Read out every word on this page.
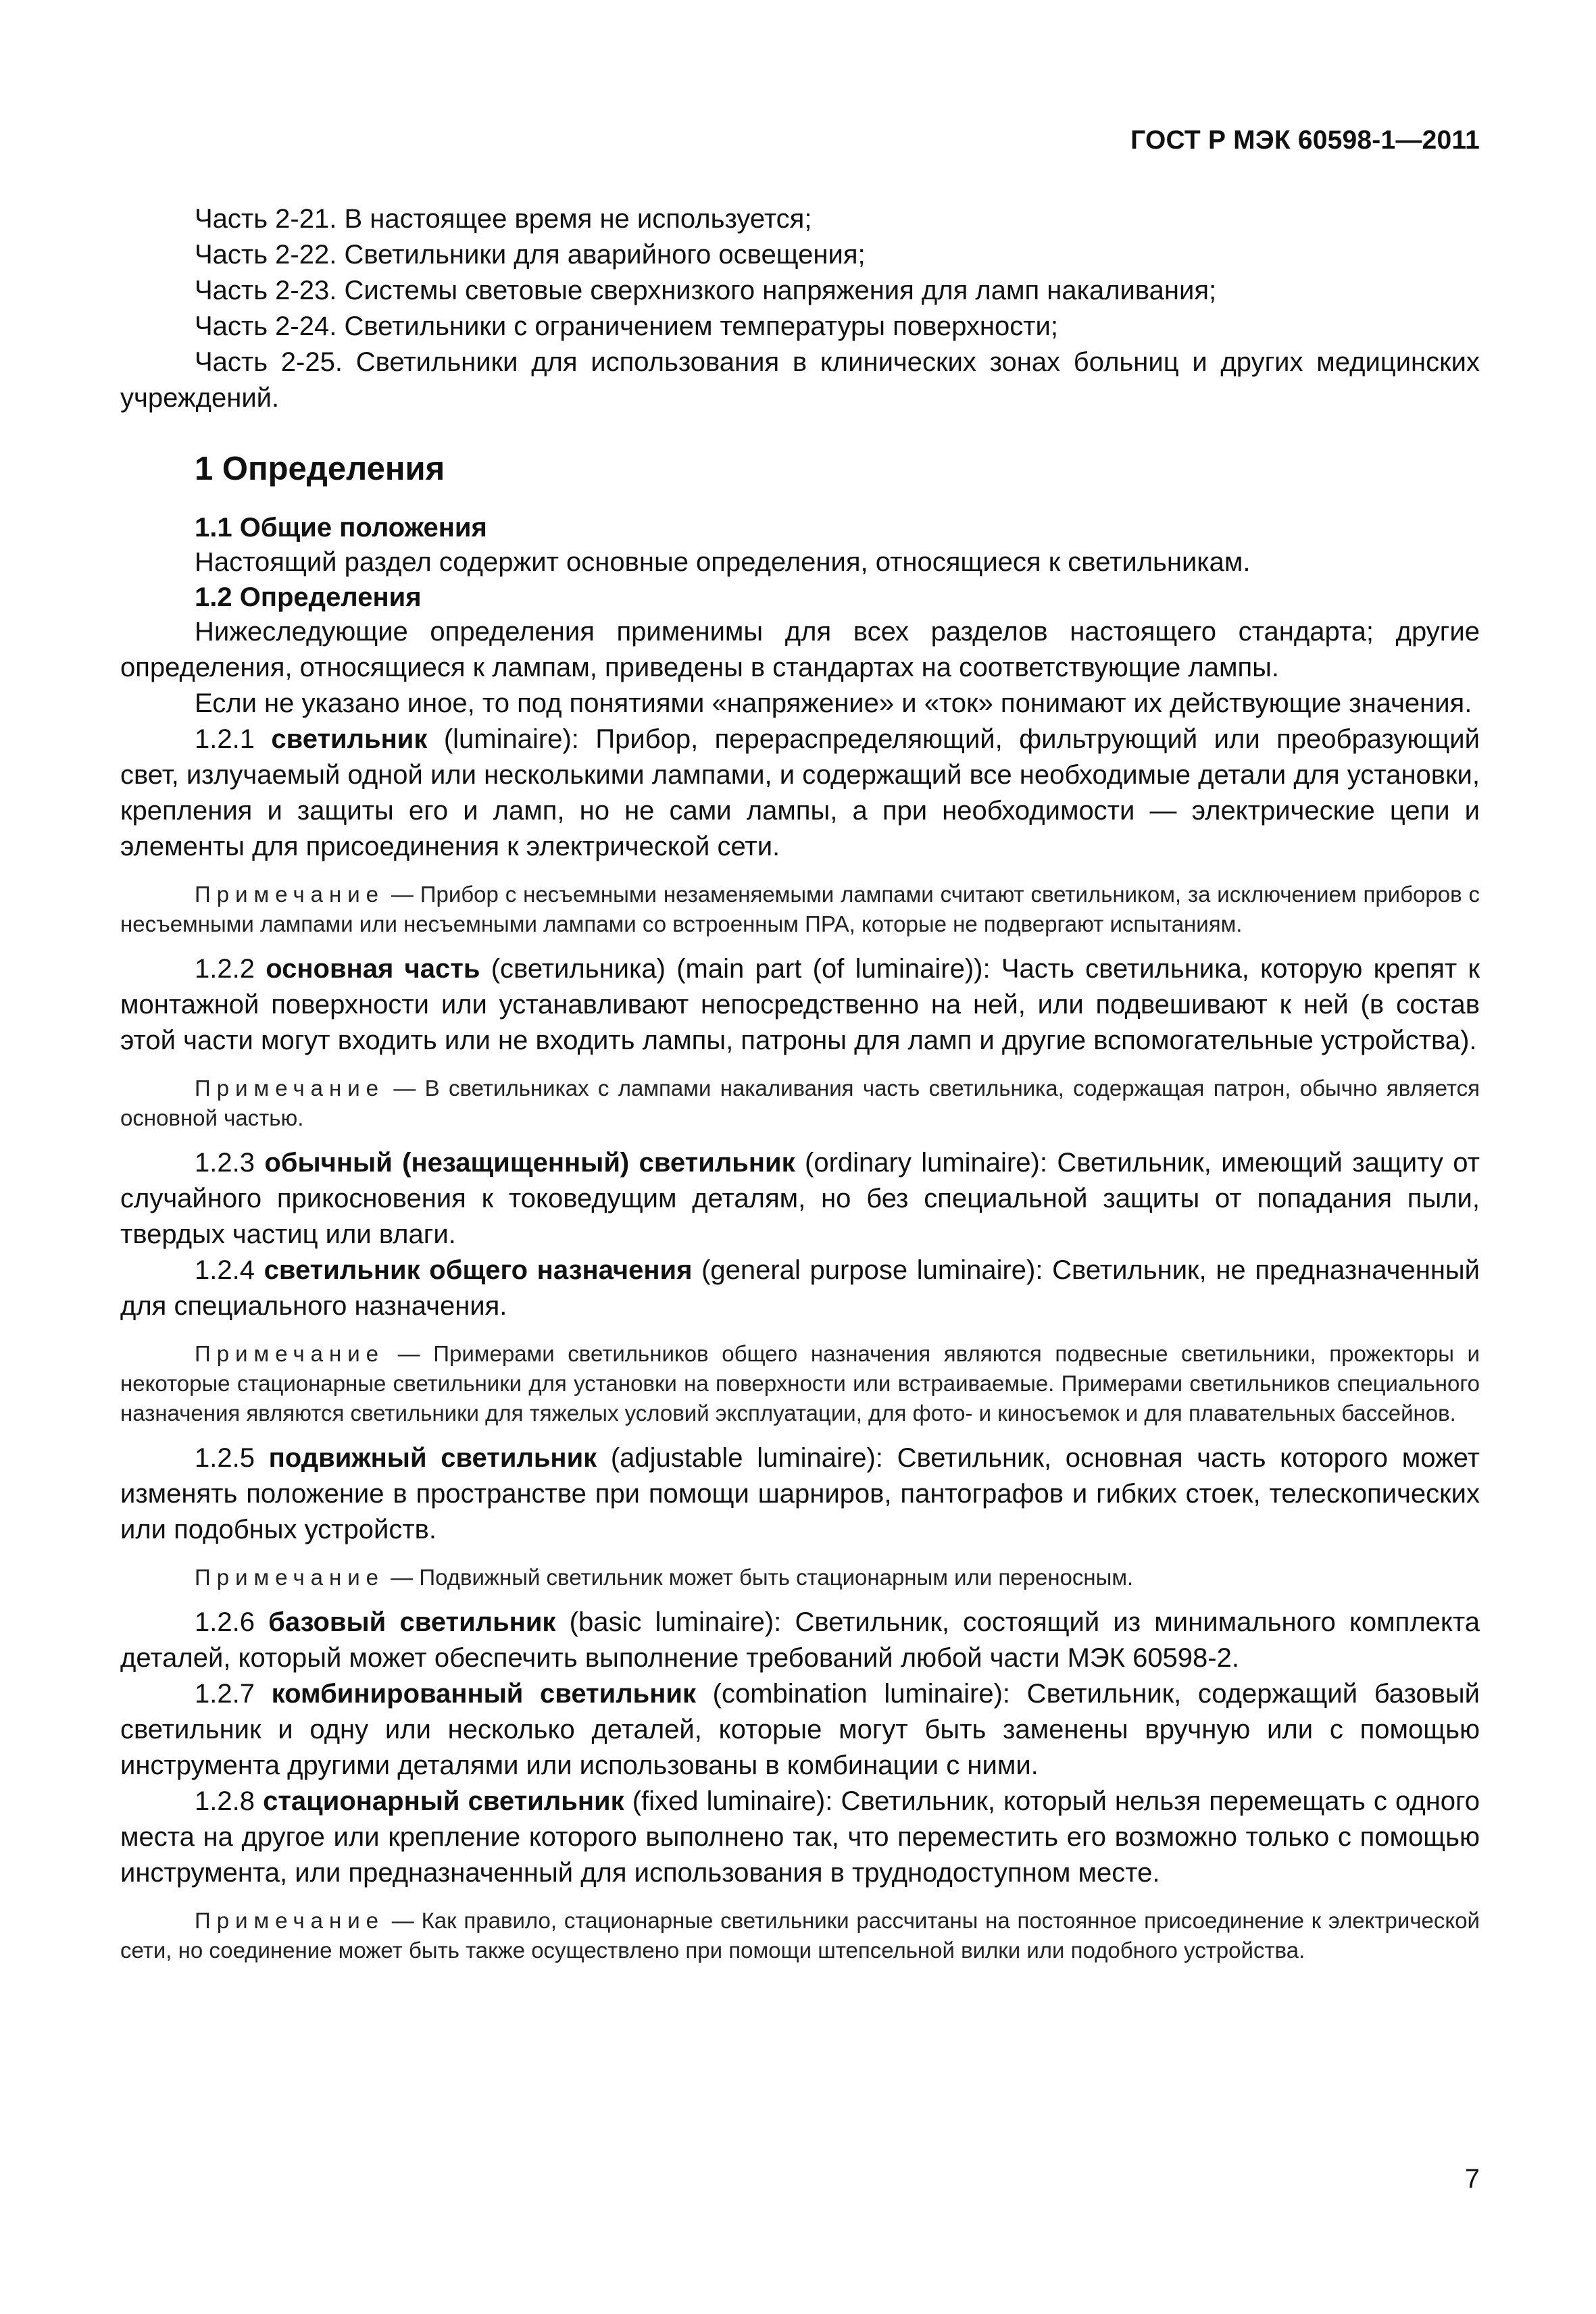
ГОСТ Р МЭК 60598-1—2011

Часть 2-21. В настоящее время не используется;

Часть 2-22. Светильники для аварийного освещения;

Часть 2-23. Системы световые сверхнизкого напряжения для ламп накаливания;

Часть 2-24. Светильники с ограничением температуры поверхности;

Часть 2-25. Светильники для использования в клинических зонах больниц и других медицинских учреждений.

1 Определения
1.1 Общие положения

Настоящий раздел содержит основные определения, относящиеся к светильникам.

1.2 Определения

Нижеследующие определения применимы для всех разделов настоящего стандарта; другие определения, относящиеся к лампам, приведены в стандартах на соответствующие лампы.

Если не указано иное, то под понятиями «напряжение» и «ток» понимают их действующие значения.

1.2.1 светильник (luminaire): Прибор, перераспределяющий, фильтрующий или преобразующий свет, излучаемый одной или несколькими лампами, и содержащий все необходимые детали для установки, крепления и защиты его и ламп, но не сами лампы, а при необходимости — электрические цепи и элементы для присоединения к электрической сети.

Примечание — Прибор с несъемными незаменяемыми лампами считают светильником, за исключением приборов с несъемными лампами или несъемными лампами со встроенным ПРА, которые не подвергают испытаниям.

1.2.2 основная часть (светильника) (main part (of luminaire)): Часть светильника, которую крепят к монтажной поверхности или устанавливают непосредственно на ней, или подвешивают к ней (в состав этой части могут входить или не входить лампы, патроны для ламп и другие вспомогательные устройства).

Примечание — В светильниках с лампами накаливания часть светильника, содержащая патрон, обычно является основной частью.

1.2.3 обычный (незащищенный) светильник (ordinary luminaire): Светильник, имеющий защиту от случайного прикосновения к токоведущим деталям, но без специальной защиты от попадания пыли, твердых частиц или влаги.

1.2.4 светильник общего назначения (general purpose luminaire): Светильник, не предназначенный для специального назначения.

Примечание — Примерами светильников общего назначения являются подвесные светильники, прожекторы и некоторые стационарные светильники для установки на поверхности или встраиваемые. Примерами светильников специального назначения являются светильники для тяжелых условий эксплуатации, для фото- и киносъемок и для плавательных бассейнов.

1.2.5 подвижный светильник (adjustable luminaire): Светильник, основная часть которого может изменять положение в пространстве при помощи шарниров, пантографов и гибких стоек, телескопических или подобных устройств.

Примечание — Подвижный светильник может быть стационарным или переносным.

1.2.6 базовый светильник (basic luminaire): Светильник, состоящий из минимального комплекта деталей, который может обеспечить выполнение требований любой части МЭК 60598-2.

1.2.7 комбинированный светильник (combination luminaire): Светильник, содержащий базовый светильник и одну или несколько деталей, которые могут быть заменены вручную или с помощью инструмента другими деталями или использованы в комбинации с ними.

1.2.8 стационарный светильник (fixed luminaire): Светильник, который нельзя перемещать с одного места на другое или крепление которого выполнено так, что переместить его возможно только с помощью инструмента, или предназначенный для использования в труднодоступном месте.

Примечание — Как правило, стационарные светильники рассчитаны на постоянное присоединение к электрической сети, но соединение может быть также осуществлено при помощи штепсельной вилки или подобного устройства.

7
